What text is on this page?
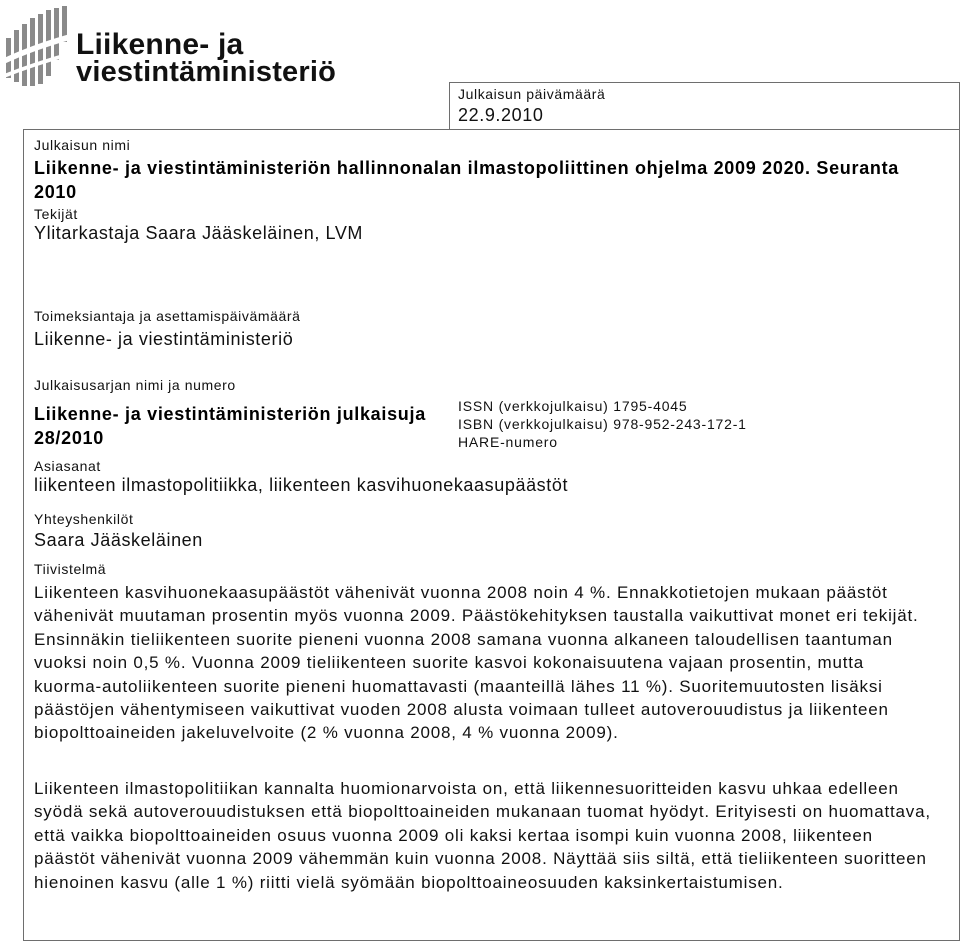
Liikenne- ja
viestintäministeriö
Julkaisun päivämäärä
22.9.2010
Julkaisun nimi
Liikenne- ja viestintäministeriön hallinnonalan ilmastopoliittinen ohjelma 2009 2020. Seuranta 2010
Tekijät
Ylitarkastaja Saara Jääskeläinen, LVM
Toimeksiantaja ja asettamispäivämäärä
Liikenne- ja viestintäministeriö
Julkaisusarjan nimi ja numero
Liikenne- ja viestintäministeriön julkaisuja 28/2010
ISSN (verkkojulkaisu) 1795-4045
ISBN (verkkojulkaisu) 978-952-243-172-1
HARE-numero
Asiasanat
liikenteen ilmastopolitiikka, liikenteen kasvihuonekaasupäästöt
Yhteyshenkilöt
Saara Jääskeläinen
Tiivistelmä

Liikenteen kasvihuonekaasupäästöt vähenivät vuonna 2008 noin 4 %. Ennakkotietojen mukaan päästöt vähenivät muutaman prosentin myös vuonna 2009. Päästökehityksen taustalla vaikuttivat monet eri tekijät. Ensinnäkin tieliikenteen suorite pieneni vuonna 2008 samana vuonna alkaneen taloudellisen taantuman vuoksi noin 0,5 %. Vuonna 2009 tieliikenteen suorite kasvoi kokonaisuutena vajaan prosentin, mutta kuorma-autoliikenteen suorite pieneni huomattavasti (maanteillä lähes 11 %). Suoritemuutosten lisäksi päästöjen vähentymiseen vaikuttivat vuoden 2008 alusta voimaan tulleet autoverouudistus ja liikenteen biopolttoaineiden jakeluvelvoite (2 % vuonna 2008, 4 % vuonna 2009).

Liikenteen ilmastopolitiikan kannalta huomionarvoista on, että liikennesuoritteiden kasvu uhkaa edelleen syödä sekä autoverouudistuksen että biopolttoaineiden mukanaan tuomat hyödyt. Erityisesti on huomattava, että vaikka biopolttoaineiden osuus vuonna 2009 oli kaksi kertaa isompi kuin vuonna 2008, liikenteen päästöt vähenivät vuonna 2009 vähemmän kuin vuonna 2008. Näyttää siis siltä, että tieliikenteen suoritteen hienoinen kasvu (alle 1 %) riitti vielä syömään biopolttoaineosuuden kaksinkertaistumisen.
